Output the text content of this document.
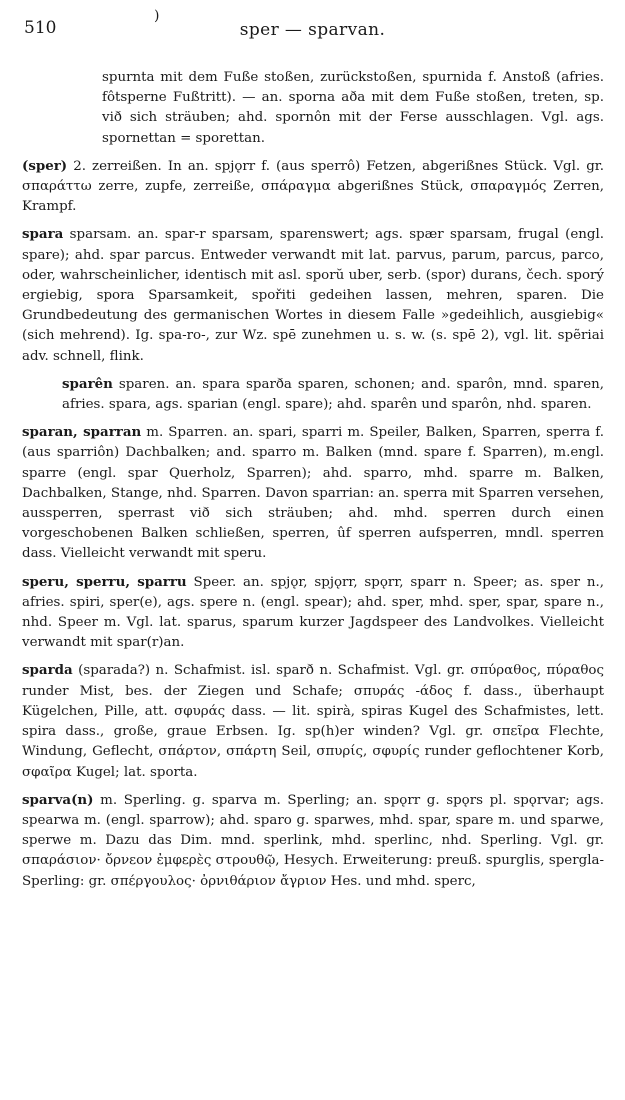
510
)
sper — sparvan.

spurnta mit dem Fuße stoßen, zurückstoßen, spurnida f. Anstoß (afries. fôtsperne Fußtritt). — an. sporna aða mit dem Fuße stoßen, treten, sp. við sich sträuben; ahd. spornôn mit der Ferse ausschlagen. Vgl. ags. spornettan = sporettan.

(sper) 2. zerreißen. In an. spjǫrr f. (aus sperrô) Fetzen, abgerißnes Stück. Vgl. gr. σπαράττω zerre, zupfe, zerreiße, σπάραγμα abgerißnes Stück, σπαραγμός Zerren, Krampf.

spara sparsam. an. spar-r sparsam, sparenswert; ags. spær sparsam, frugal (engl. spare); ahd. spar parcus. Entweder verwandt mit lat. parvus, parum, parcus, parco, oder, wahrscheinlicher, identisch mit asl. sporŭ uber, serb. (spor) durans, čech. sporý ergiebig, spora Sparsamkeit, spořiti gedeihen lassen, mehren, sparen. Die Grundbedeutung des germanischen Wortes in diesem Falle »gedeihlich, ausgiebig« (sich mehrend). Ig. spa-ro-, zur Wz. spē zunehmen u. s. w. (s. spē 2), vgl. lit. spẽriai adv. schnell, flink.

sparên sparen. an. spara sparða sparen, schonen; and. sparôn, mnd. sparen, afries. spara, ags. sparian (engl. spare); ahd. sparên und sparôn, nhd. sparen.

sparan, sparran m. Sparren. an. spari, sparri m. Speiler, Balken, Sparren, sperra f. (aus sparriôn) Dachbalken; and. sparro m. Balken (mnd. spare f. Sparren), m.engl. sparre (engl. spar Querholz, Sparren); ahd. sparro, mhd. sparre m. Balken, Dachbalken, Stange, nhd. Sparren. Davon sparrian: an. sperra mit Sparren versehen, aussperren, sperrast við sich sträuben; ahd. mhd. sperren durch einen vorgeschobenen Balken schließen, sperren, ûf sperren aufsperren, mndl. sperren dass. Vielleicht verwandt mit speru.

speru, sperru, sparru Speer. an. spjǫr, spjǫrr, spǫrr, sparr n. Speer; as. sper n., afries. spiri, sper(e), ags. spere n. (engl. spear); ahd. sper, mhd. sper, spar, spare n., nhd. Speer m. Vgl. lat. sparus, sparum kurzer Jagdspeer des Landvolkes. Vielleicht verwandt mit spar(r)an.

sparda (sparada?) n. Schafmist. isl. sparð n. Schafmist. Vgl. gr. σπύραθος, πύραθος runder Mist, bes. der Ziegen und Schafe; σπυράς -άδος f. dass., überhaupt Kügelchen, Pille, att. σφυράς dass. — lit. spirà, spiras Kugel des Schafmistes, lett. spira dass., große, graue Erbsen. Ig. sp(h)er winden? Vgl. gr. σπεῖρα Flechte, Windung, Geflecht, σπάρτον, σπάρτη Seil, σπυρίς, σφυρίς runder geflochtener Korb, σφαῖρα Kugel; lat. sporta.

sparva(n) m. Sperling. g. sparva m. Sperling; an. spǫrr g. spǫrs pl. spǫrvar; ags. spearwa m. (engl. sparrow); ahd. sparo g. sparwes, mhd. spar, spare m. und sparwe, sperwe m. Dazu das Dim. mnd. sperlink, mhd. sperlinc, nhd. Sperling. Vgl. gr. σπαράσιον· ὄρνεον ἐμφερὲς στρουθῷ, Hesych. Erweiterung: preuß. spurglis, spergla- Sperling: gr. σπέργουλος· ὀρνιθάριον ἄγριον Hes. und mhd. sperc,
